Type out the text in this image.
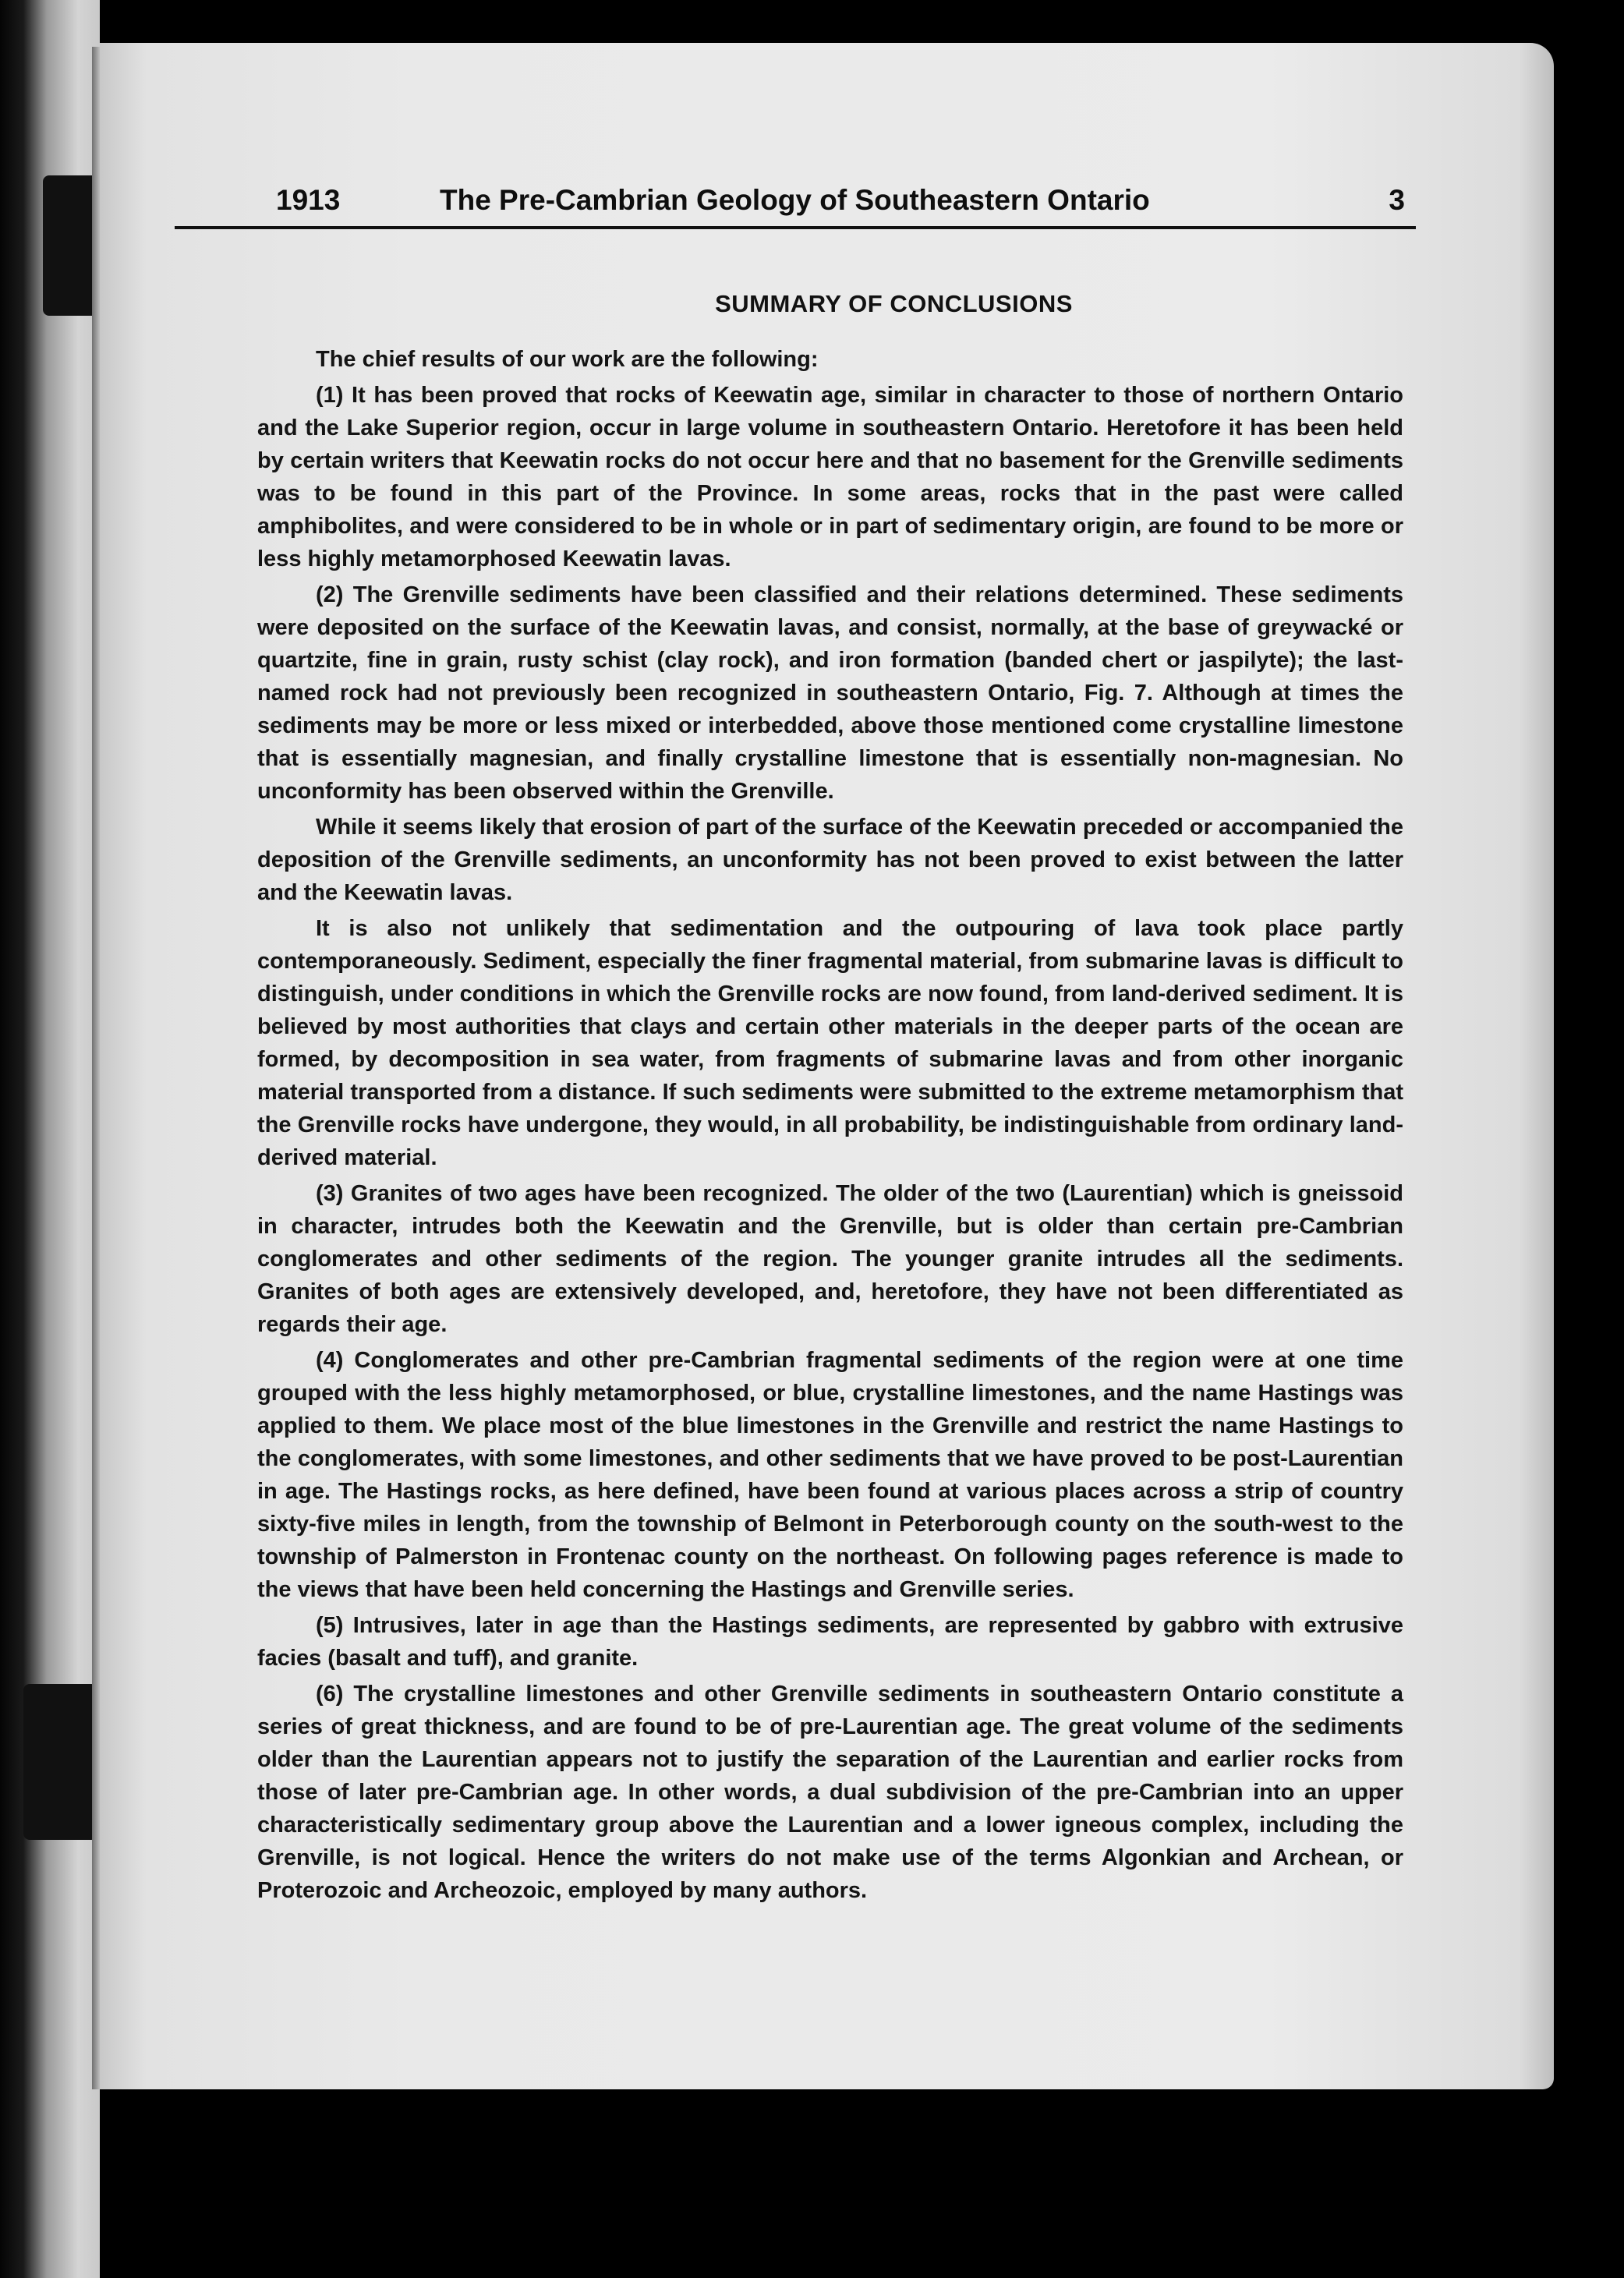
1913	The Pre-Cambrian Geology of Southeastern Ontario	3
SUMMARY OF CONCLUSIONS

The chief results of our work are the following:

(1) It has been proved that rocks of Keewatin age, similar in character to those of northern Ontario and the Lake Superior region, occur in large volume in southeastern Ontario. Heretofore it has been held by certain writers that Keewatin rocks do not occur here and that no basement for the Grenville sediments was to be found in this part of the Province. In some areas, rocks that in the past were called amphibolites, and were considered to be in whole or in part of sedimentary origin, are found to be more or less highly metamorphosed Keewatin lavas.

(2) The Grenville sediments have been classified and their relations determined. These sediments were deposited on the surface of the Keewatin lavas, and consist, normally, at the base of greywacké or quartzite, fine in grain, rusty schist (clay rock), and iron formation (banded chert or jaspilyte); the last-named rock had not previously been recognized in southeastern Ontario, Fig. 7. Although at times the sediments may be more or less mixed or interbedded, above those mentioned come crystalline limestone that is essentially magnesian, and finally crystalline limestone that is essentially non-magnesian. No unconformity has been observed within the Grenville.

While it seems likely that erosion of part of the surface of the Keewatin preceded or accompanied the deposition of the Grenville sediments, an unconformity has not been proved to exist between the latter and the Keewatin lavas.

It is also not unlikely that sedimentation and the outpouring of lava took place partly contemporaneously. Sediment, especially the finer fragmental material, from submarine lavas is difficult to distinguish, under conditions in which the Grenville rocks are now found, from land-derived sediment. It is believed by most authorities that clays and certain other materials in the deeper parts of the ocean are formed, by decomposition in sea water, from fragments of submarine lavas and from other inorganic material transported from a distance. If such sediments were submitted to the extreme metamorphism that the Grenville rocks have undergone, they would, in all probability, be indistinguishable from ordinary land-derived material.

(3) Granites of two ages have been recognized. The older of the two (Laurentian) which is gneissoid in character, intrudes both the Keewatin and the Grenville, but is older than certain pre-Cambrian conglomerates and other sediments of the region. The younger granite intrudes all the sediments. Granites of both ages are extensively developed, and, heretofore, they have not been differentiated as regards their age.

(4) Conglomerates and other pre-Cambrian fragmental sediments of the region were at one time grouped with the less highly metamorphosed, or blue, crystalline limestones, and the name Hastings was applied to them. We place most of the blue limestones in the Grenville and restrict the name Hastings to the conglomerates, with some limestones, and other sediments that we have proved to be post-Laurentian in age. The Hastings rocks, as here defined, have been found at various places across a strip of country sixty-five miles in length, from the township of Belmont in Peterborough county on the south-west to the township of Palmerston in Frontenac county on the northeast. On following pages reference is made to the views that have been held concerning the Hastings and Grenville series.

(5) Intrusives, later in age than the Hastings sediments, are represented by gabbro with extrusive facies (basalt and tuff), and granite.

(6) The crystalline limestones and other Grenville sediments in southeastern Ontario constitute a series of great thickness, and are found to be of pre-Laurentian age. The great volume of the sediments older than the Laurentian appears not to justify the separation of the Laurentian and earlier rocks from those of later pre-Cambrian age. In other words, a dual subdivision of the pre-Cambrian into an upper characteristically sedimentary group above the Laurentian and a lower igneous complex, including the Grenville, is not logical. Hence the writers do not make use of the terms Algonkian and Archean, or Proterozoic and Archeozoic, employed by many authors.
